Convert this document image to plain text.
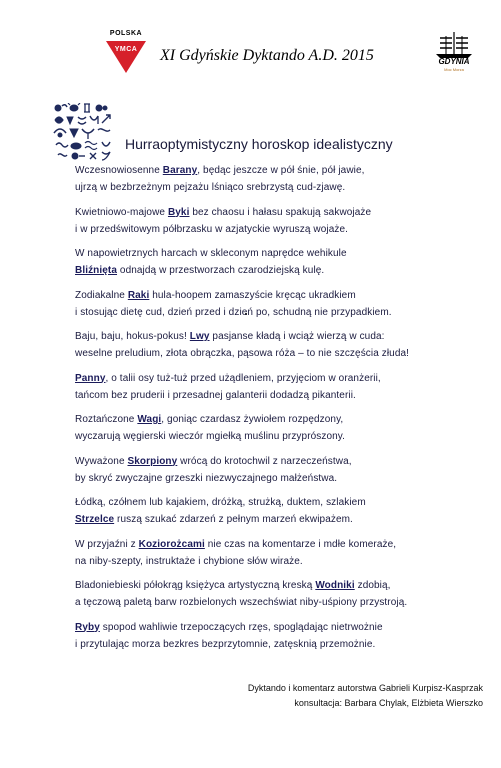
POLSKA
YMCA	XI Gdyńskie Dyktando A.D. 2015	GDYNIA
Moc Morza
Hurraoptymistyczny horoskop idealistyczny
Wczesnowiosenne Barany, będąc jeszcze w pół śnie, pół jawie,
ujrzą w bezbrzeżnym pejzażu lśniąco srebrzystą cud-zjawę.
Kwietniowo-majowe Byki bez chaosu i hałasu spakują sakwojaże
i w przedświtowym półbrzasku w azjatyckie wyruszą wojaże.
W napowietrznych harcach w skleconym naprędce wehikule
Bliźnięta odnajdą w przestworzach czarodziejską kulę.
Zodiakalne Raki hula-hoopem zamaszyście kręcąc ukradkiem
i stosując dietę cud, dzień przed i dzień po, schudną nie przypadkiem.
Baju, baju, hokus-pokus! Lwy pasjanse kładą i wciąż wierzą w cuda:
weselne preludium, złota obrączka, pąsowa róża – to nie szczęścia złuda!
Panny, o talii osy tuż-tuż przed użądleniem, przyjęciom w oranżerii,
tańcom bez pruderii i przesadnej galanterii dodadzą pikanterii.
Roztańczone Wagi, goniąc czardasz żywiołem rozpędzony,
wyczarują węgierski wieczór mgiełką muślinu przyprószony.
Wyważone Skorpiony wrócą do krotochwil z narzeczeństwa,
by skryć zwyczajne grzeszki niezwyczajnego małżeństwa.
Łódką, czółnem lub kajakiem, dróżką, strużką, duktem, szlakiem
Strzelce ruszą szukać zdarzeń z pełnym marzeń ekwipażem.
W przyjaźni z Koziorożcami nie czas na komentarze i mdłe komeraże,
na niby-szepty, instruktaże i chybione słów wiraże.
Bladoniebieski półokrąg księżyca artystyczną kreską Wodniki zdobią,
a tęczową paletą barw rozbielonych wszechświat niby-uśpiony przystroją.
Ryby spopod wahliwie trzepoczących rzęs, spoglądając nietrwożnie
i przytulając morza bezkres bezprzytomnie, zatęsknią przemożnie.
Dyktando i komentarz autorstwa Gabrieli Kurpisz-Kasprzak
konsultacja: Barbara Chylak, Elżbieta Wierszko
